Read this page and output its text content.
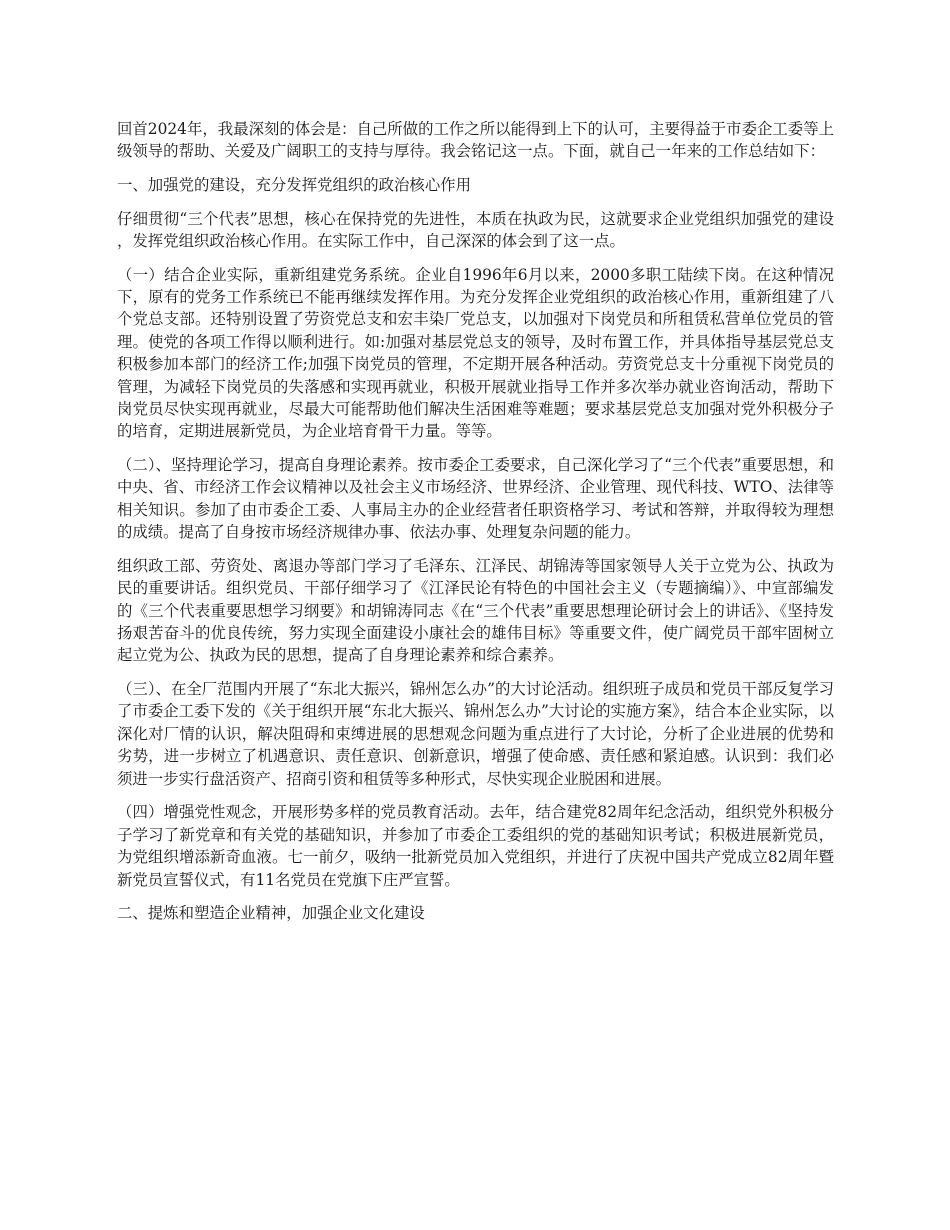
回首2024年，我最深刻的体会是：自己所做的工作之所以能得到上下的认可，主要得益于市委企工委等上级领导的帮助、关爱及广阔职工的支持与厚待。我会铭记这一点。下面，就自己一年来的工作总结如下：

一、加强党的建设，充分发挥党组织的政治核心作用

仔细贯彻“三个代表”思想，核心在保持党的先进性，本质在执政为民，这就要求企业党组织加强党的建设，发挥党组织政治核心作用。在实际工作中，自己深深的体会到了这一点。

（一）结合企业实际，重新组建党务系统。企业自1996年6月以来，2000多职工陆续下岗。在这种情况下，原有的党务工作系统已不能再继续发挥作用。为充分发挥企业党组织的政治核心作用，重新组建了八个党总支部。还特别设置了劳资党总支和宏丰染厂党总支，以加强对下岗党员和所租赁私营单位党员的管理。使党的各项工作得以顺利进行。如:加强对基层党总支的领导，及时布置工作，并具体指导基层党总支积极参加本部门的经济工作;加强下岗党员的管理，不定期开展各种活动。劳资党总支十分重视下岗党员的管理，为减轻下岗党员的失落感和实现再就业，积极开展就业指导工作并多次举办就业咨询活动，帮助下岗党员尽快实现再就业，尽最大可能帮助他们解决生活困难等难题；要求基层党总支加强对党外积极分子的培育，定期进展新党员，为企业培育骨干力量。等等。

（二）、坚持理论学习，提高自身理论素养。按市委企工委要求，自己深化学习了“三个代表”重要思想，和中央、省、市经济工作会议精神以及社会主义市场经济、世界经济、企业管理、现代科技、WTO、法律等相关知识。参加了由市委企工委、人事局主办的企业经营者任职资格学习、考试和答辩，并取得较为理想的成绩。提高了自身按市场经济规律办事、依法办事、处理复杂问题的能力。

组织政工部、劳资处、离退办等部门学习了毛泽东、江泽民、胡锦涛等国家领导人关于立党为公、执政为民的重要讲话。组织党员、干部仔细学习了《江泽民论有特色的中国社会主义（专题摘编）》、中宣部编发的《三个代表重要思想学习纲要》和胡锦涛同志《在“三个代表”重要思想理论研讨会上的讲话》、《坚持发扬艰苦奋斗的优良传统，努力实现全面建设小康社会的雄伟目标》等重要文件，使广阔党员干部牢固树立起立党为公、执政为民的思想，提高了自身理论素养和综合素养。

（三）、在全厂范围内开展了“东北大振兴，锦州怎么办”的大讨论活动。组织班子成员和党员干部反复学习了市委企工委下发的《关于组织开展“东北大振兴、锦州怎么办”大讨论的实施方案》，结合本企业实际，以深化对厂情的认识，解决阻碍和束缚进展的思想观念问题为重点进行了大讨论，分析了企业进展的优势和劣势，进一步树立了机遇意识、责任意识、创新意识，增强了使命感、责任感和紧迫感。认识到：我们必须进一步实行盘活资产、招商引资和租赁等多种形式，尽快实现企业脱困和进展。

（四）增强党性观念，开展形势多样的党员教育活动。去年，结合建党82周年纪念活动，组织党外积极分子学习了新党章和有关党的基础知识，并参加了市委企工委组织的党的基础知识考试；积极进展新党员，为党组织增添新奇血液。七一前夕，吸纳一批新党员加入党组织，并进行了庆祝中国共产党成立82周年暨新党员宣誓仪式，有11名党员在党旗下庄严宣誓。

二、提炼和塑造企业精神，加强企业文化建设
